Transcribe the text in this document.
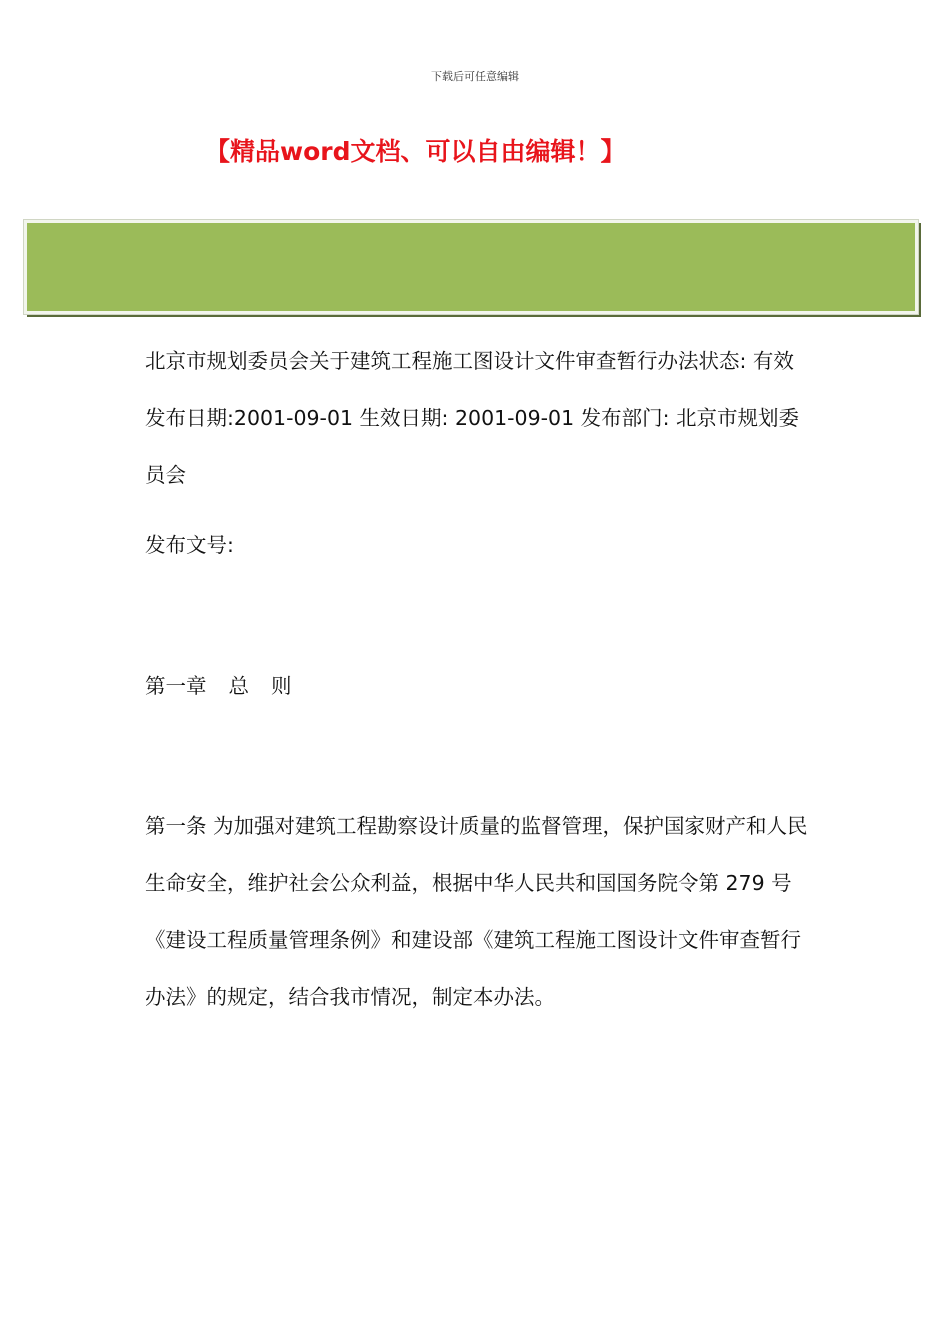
下载后可任意编辑
【精品word文档、可以自由编辑！】
北京市规划委员会关于建筑工程施工图设计文件审查暂行办法状态: 有效 发布日期:2001-09-01 生效日期: 2001-09-01 发布部门: 北京市规划委员会
发布文号:
第一章 总 则
第一条 为加强对建筑工程勘察设计质量的监督管理，保护国家财产和人民生命安全，维护社会公众利益，根据中华人民共和国国务院令第 279 号《建设工程质量管理条例》和建设部《建筑工程施工图设计文件审查暂行办法》的规定，结合我市情况，制定本办法。
